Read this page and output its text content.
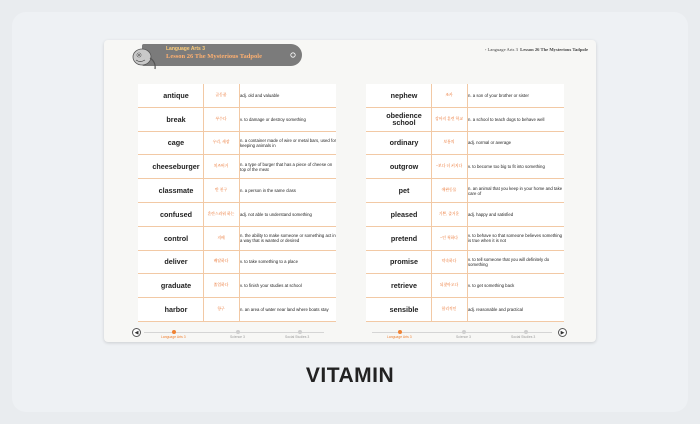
Language Arts 3
Lesson 26 The Mysterious Tadpole
◦ Language Arts 3 Lesson 26 The Mysterious Tadpole
1	antique	골동품	adj. old and valuable
2	break	부수다	v. to damage or destroy something
3	cage	우리, 새장	n. a container made of wire or metal bars, used for keeping animals in
4	cheeseburger	치즈버거	n. a type of burger that has a piece of cheese on top of the meat
5	classmate	반 친구	n. a person in the same class
6	confused	혼란스러워 하는	adj. not able to understand something
7	control	지배	n. the ability to make someone or something act in a way that is wanted or desired
8	deliver	배달하다	v. to take something to a place
9	graduate	졸업하다	v. to finish your studies at school
10	harbor	항구	n. an area of water near land where boats stay
11	nephew	조카	n. a son of your brother or sister
12	obedience school	강아지 훈련 학교	n. a school to teach dogs to behave well
13	ordinary	보통의	adj. normal or average
14	outgrow	~보다 더 커지다	v. to become too big to fit into something
15	pet	애완동물	n. an animal that you keep in your home and take care of
16	pleased	기쁜, 즐거운	adj. happy and satisfied
17	pretend	~인 척하다	v. to behave so that someone believes something is true when it is not
18	promise	약속하다	v. to tell someone that you will definitely do something
19	retrieve	되찾아오다	v. to get something back
20	sensible	합리적인	adj. reasonable and practical
Language Arts 3	Science 3	Social Studies 3	Language Arts 3	Science 3	Social Studies 3
◀	▶
VITAMIN
